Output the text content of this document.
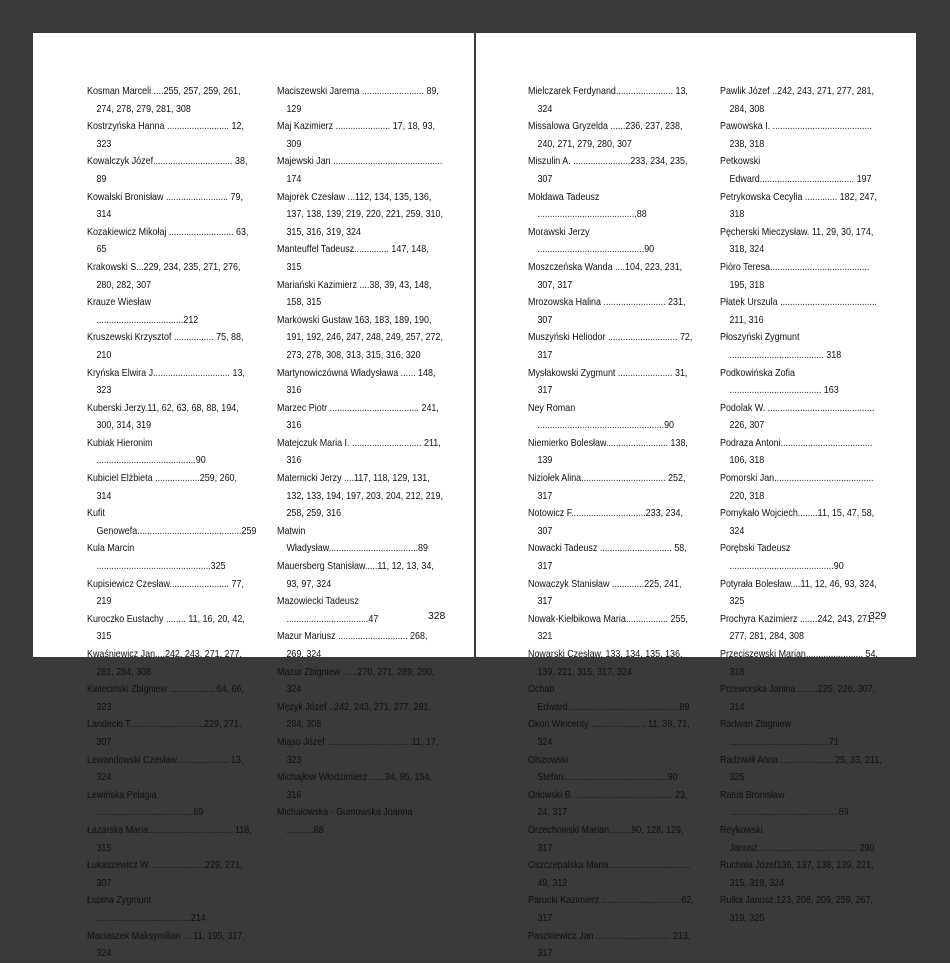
Kosman Marceli ....255, 257, 259, 261, 274, 278, 279, 281, 308
Kostrzyńska Hanna ......................... 12, 323
Kowalczyk Józef................................ 38, 89
Kowalski Bronisław ......................... 79, 314
Kozakiewicz Mikołaj .......................... 63, 65
Krakowski S...229, 234, 235, 271, 276, 280, 282, 307
Krauze Wiesław ...................................212
Kruszewski Krzysztof ................ 75, 88, 210
Kryńska Elwira J............................... 13, 323
Kuberski Jerzy.11, 62, 63, 68, 88, 194, 300, 314, 319
Kubiak Hieronim ........................................90
Kubiciel Elżbieta ..................259, 260, 314
Kufit Genowefa..........................................259
Kula Marcin ..............................................325
Kupisiewicz Czesław........................ 77, 219
Kuroczko Eustachy ........ 11, 16, 20, 42, 315
Kwaśniewicz Jan....242, 243, 271, 277, 281, 284, 308
Kwieciński Zbigniew .................. 64, 66, 323
Landecki T..............................229, 271, 307
Lewandowski Czesław..................... 13, 324
Lewińska Pelagia .......................................89
Łazarska Maria.................................. 118, 315
Łukaszewicz W. .....................229, 271, 307
Łupina Zygmunt ......................................214
Maciaszek Maksymilian ... 11, 195, 317, 324
Maciszewski Jarema ......................... 89, 129
Maj Kazimierz ...................... 17, 18, 93, 309
Majewski Jan ............................................ 174
Majorek Czesław ...112, 134, 135, 136, 137, 138, 139, 219, 220, 221, 259, 310, 315, 316, 319, 324
Manteuffel Tadeusz.............. 147, 148, 315
Mariański Kazimierz ....38, 39, 43, 148, 158, 315
Markowski Gustaw 163, 183, 189, 190, 191, 192, 246, 247, 248, 249, 257, 272, 273, 278, 308, 313, 315, 316, 320
Martynowiczówna Władysława ...... 148, 316
Marzec Piotr .................................... 241, 316
Matejczuk Maria I. ............................ 211, 316
Maternicki Jerzy ....117, 118, 129, 131, 132, 133, 194, 197, 203, 204, 212, 219, 258, 259, 316
Matwin Władysław....................................89
Mauersberg Stanisław.....11, 12, 13, 34, 93, 97, 324
Mazowiecki Tadeusz .................................47
Mazur Mariusz ............................ 268, 269, 324
Mazur Zbigniew ......270, 271, 289, 290, 324
Mężyk Józef ..242, 243, 271, 277, 281, 284, 308
Miąso Józef ................................. 11, 17, 323
Michajłow Włodzimierz.......34, 95, 154, 316
Michałowska - Gumowska Joanna ...........88
328
Mielczarek Ferdynand....................... 13, 324
Missalowa Gryzelda ......236, 237, 238, 240, 271, 279, 280, 307
Miszulin A. .......................233, 234, 235, 307
Mołdawa Tadeusz ........................................88
Morawski Jerzy ...........................................90
Moszczeńska Wanda ....104, 223, 231, 307, 317
Mrozowska Halina ......................... 231, 307
Muszyński Heliodor ............................ 72, 317
Mysłakowski Zygmunt ...................... 31, 317
Ney Roman ...................................................90
Niemierko Bolesław......................... 138, 139
Niziołek Alina.................................. 252, 317
Notowicz F..............................233, 234, 307
Nowacki Tadeusz ............................. 58, 317
Nowaczyk Stanisław .............225, 241, 317
Nowak-Kiełbikowa Maria................. 255, 321
Nowarski Czesław. 133, 134, 135, 136, 139, 221, 315, 317, 324
Ochab Edward.............................................89
Okoń Wincenty ...................... 11, 39, 71, 324
Olszowski Stefan..........................................90
Orłowski B. ....................................... 23, 24, 317
Orzechowski Marian.........90, 128, 129, 317
Oszczepalska Maria ................................ 49, 312
Parucki Kazimierz ............................... 62, 317
Paszkiewicz Jan .............................. 213, 317
Pawlik Józef ..242, 243, 271, 277, 281, 284, 308
Pawowska I. ........................................ 238, 318
Petkowski Edward...................................... 197
Petrykowska Cecylia ............. 182, 247, 318
Pęcherski Mieczysław. 11, 29, 30, 174, 318, 324
Pióro Teresa........................................ 195, 318
Płatek Urszula ....................................... 211, 316
Płoszyński Zygmunt ...................................... 318
Podkowińska Zofia ..................................... 163
Podolak W. ........................................... 226, 307
Podraza Antoni..................................... 106, 318
Pomorski Jan........................................ 220, 318
Pomykało Wojciech........11, 15, 47, 58, 324
Porębski Tadeusz ..........................................90
Potyrała Bolesław....11, 12, 46, 93, 324, 325
Prochyra Kazimierz .......242, 243, 271, 277, 281, 284, 308
Przeciszewski Marian....................... 54, 318
Przeworska Janina ........225, 226, 307, 314
Radwan Zbigniew ........................................71
Radziwiłł Anna ......................25, 33, 211, 325
Ratuś Bronisław ............................................89
Reykowski Janusz........................................ 290
Ruchała Józef136, 137, 138, 139, 221, 315, 319, 324
Rulka Janusz.123, 208, 209, 259, 267, 319, 325
329
